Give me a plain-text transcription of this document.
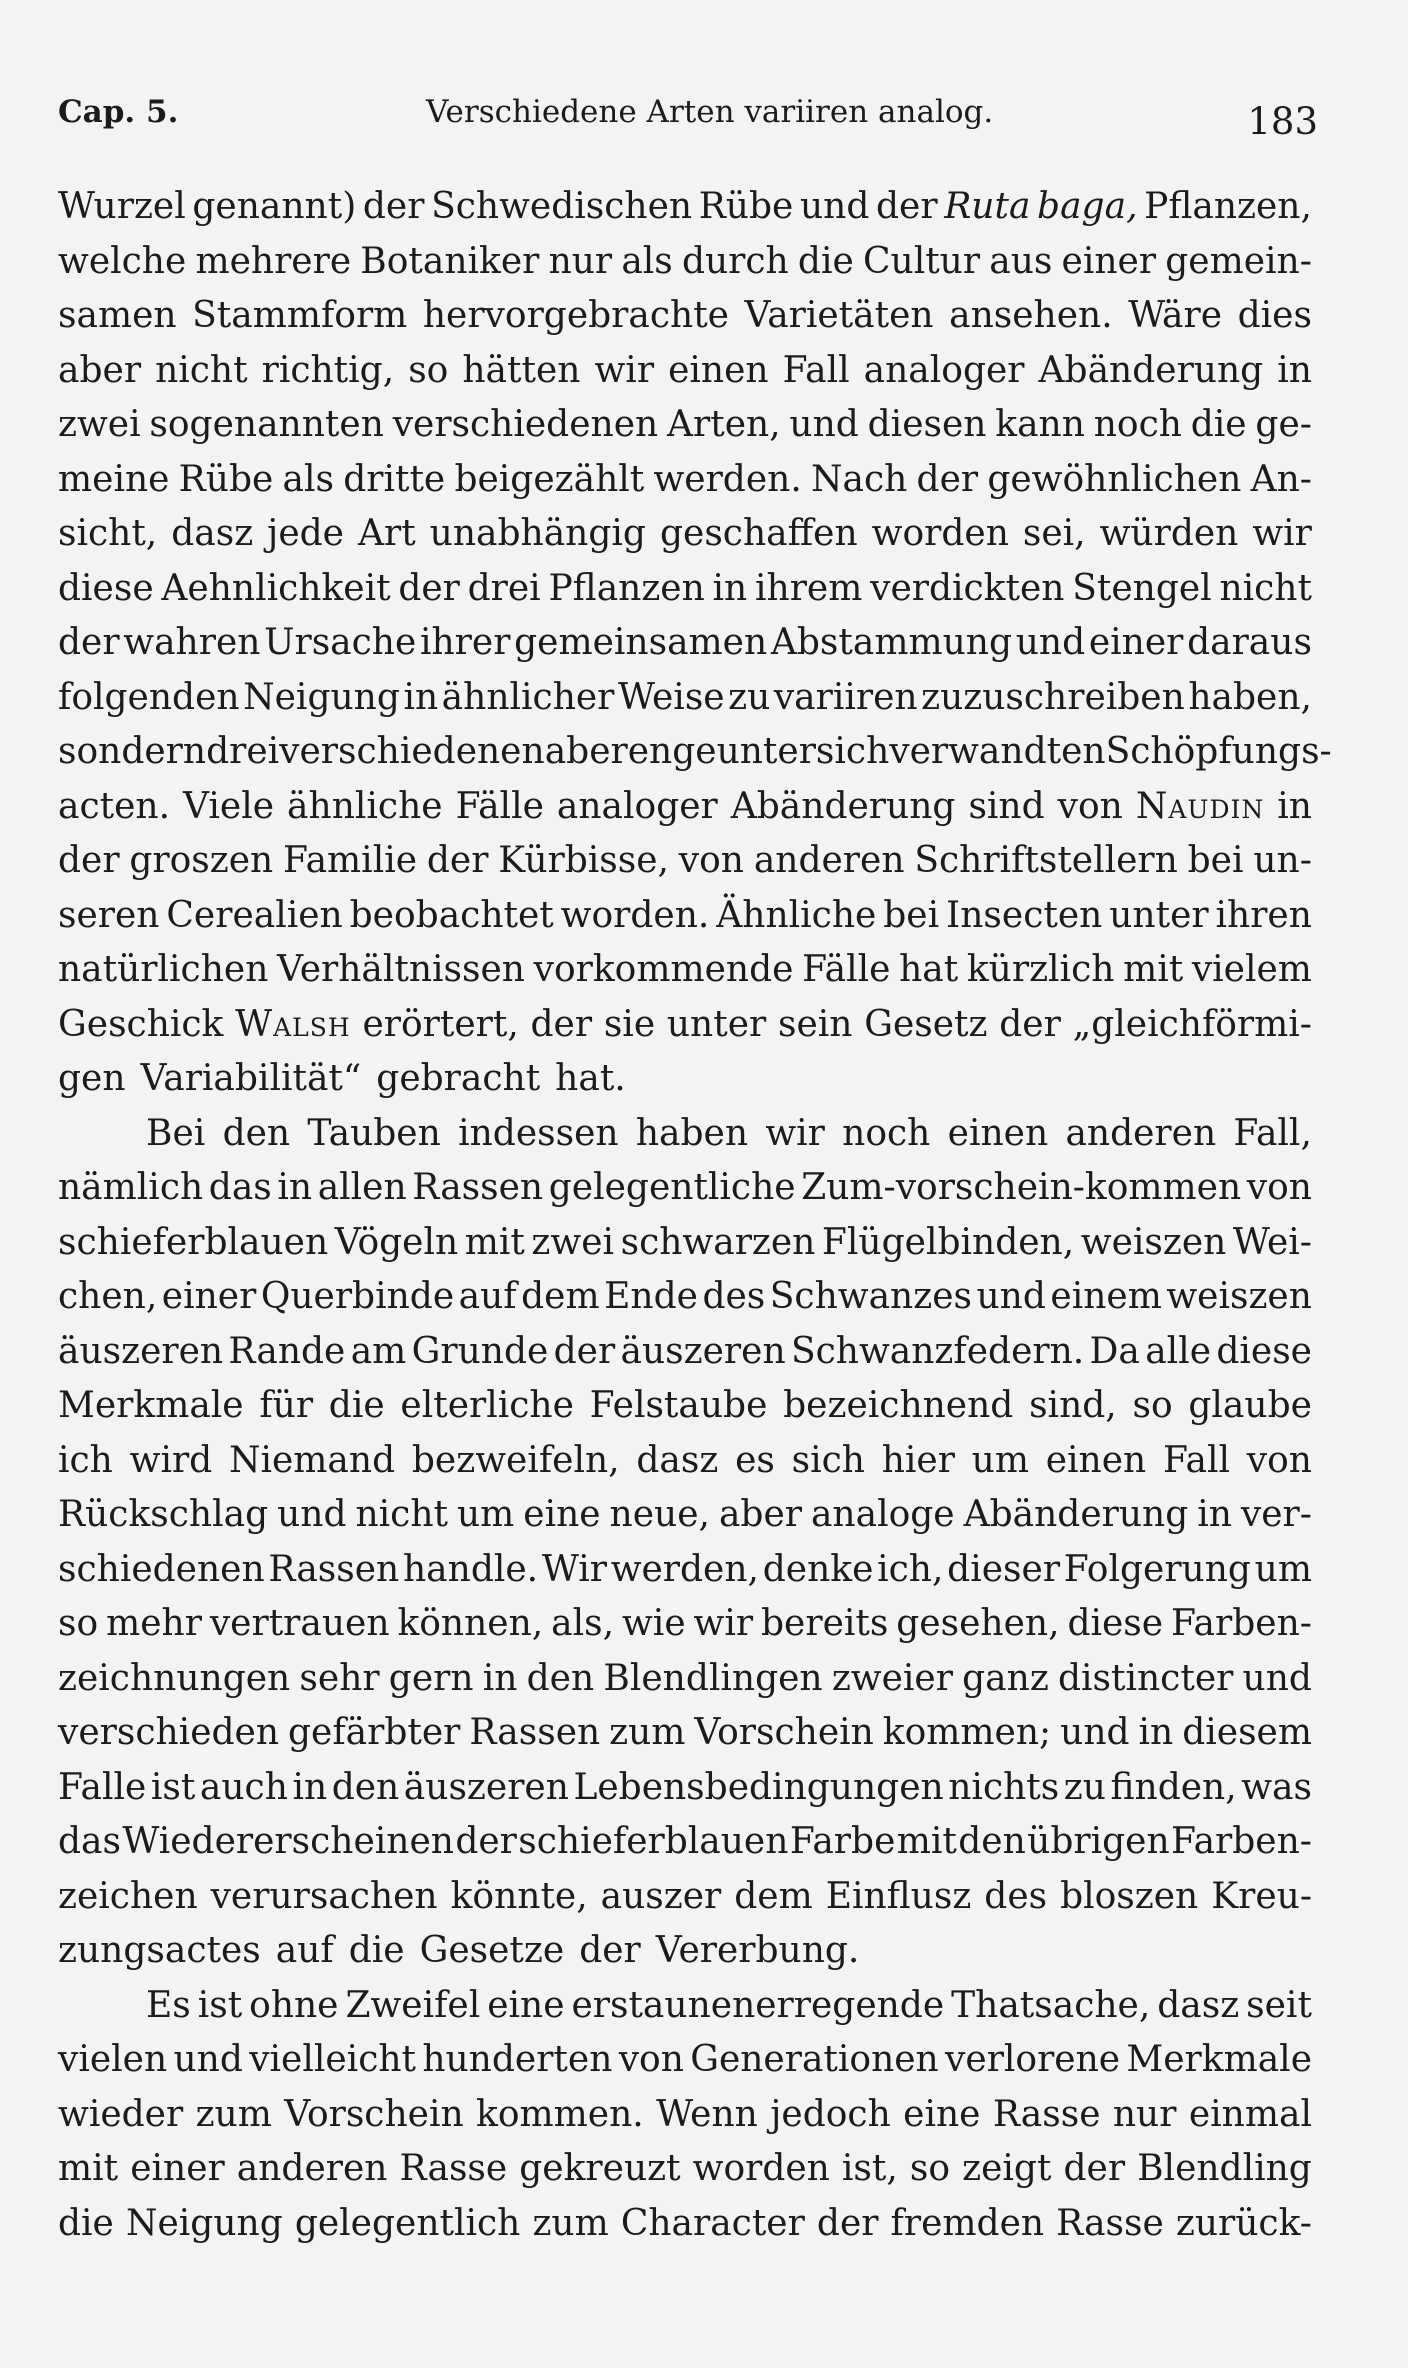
Cap. 5.	Verschiedene Arten variiren analog.	183
Wurzel genannt) der Schwedischen Rübe und der Ruta baga, Pflanzen,
welche mehrere Botaniker nur als durch die Cultur aus einer gemein-
samen Stammform hervorgebrachte Varietäten ansehen. Wäre dies
aber nicht richtig, so hätten wir einen Fall analoger Abänderung in
zwei sogenannten verschiedenen Arten, und diesen kann noch die ge-
meine Rübe als dritte beigezählt werden. Nach der gewöhnlichen An-
sicht, dasz jede Art unabhängig geschaffen worden sei, würden wir
diese Aehnlichkeit der drei Pflanzen in ihrem verdickten Stengel nicht
der wahren Ursache ihrer gemeinsamen Abstammung und einer daraus
folgenden Neigung in ähnlicher Weise zu variiren zuzuschreiben haben,
sondern drei verschiedenen aber enge unter sich verwandten Schöpfungs-
acten. Viele ähnliche Fälle analoger Abänderung sind von Naudin in
der groszen Familie der Kürbisse, von anderen Schriftstellern bei un-
seren Cerealien beobachtet worden. Ähnliche bei Insecten unter ihren
natürlichen Verhältnissen vorkommende Fälle hat kürzlich mit vielem
Geschick Walsh erörtert, der sie unter sein Gesetz der „gleichförmi-
gen Variabilität“ gebracht hat.
Bei den Tauben indessen haben wir noch einen anderen Fall,
nämlich das in allen Rassen gelegentliche Zum-vorschein-kommen von
schieferblauen Vögeln mit zwei schwarzen Flügelbinden, weiszen Wei-
chen, einer Querbinde auf dem Ende des Schwanzes und einem weiszen
äuszeren Rande am Grunde der äuszeren Schwanzfedern. Da alle diese
Merkmale für die elterliche Felstaube bezeichnend sind, so glaube
ich wird Niemand bezweifeln, dasz es sich hier um einen Fall von
Rückschlag und nicht um eine neue, aber analoge Abänderung in ver-
schiedenen Rassen handle. Wir werden, denke ich, dieser Folgerung um
so mehr vertrauen können, als, wie wir bereits gesehen, diese Farben-
zeichnungen sehr gern in den Blendlingen zweier ganz distincter und
verschieden gefärbter Rassen zum Vorschein kommen; und in diesem
Falle ist auch in den äuszeren Lebensbedingungen nichts zu finden, was
das Wiedererscheinen der schieferblauen Farbe mit den übrigen Farben-
zeichen verursachen könnte, auszer dem Einflusz des bloszen Kreu-
zungsactes auf die Gesetze der Vererbung.
Es ist ohne Zweifel eine erstaunenerregende Thatsache, dasz seit
vielen und vielleicht hunderten von Generationen verlorene Merkmale
wieder zum Vorschein kommen. Wenn jedoch eine Rasse nur einmal
mit einer anderen Rasse gekreuzt worden ist, so zeigt der Blendling
die Neigung gelegentlich zum Character der fremden Rasse zurück-
